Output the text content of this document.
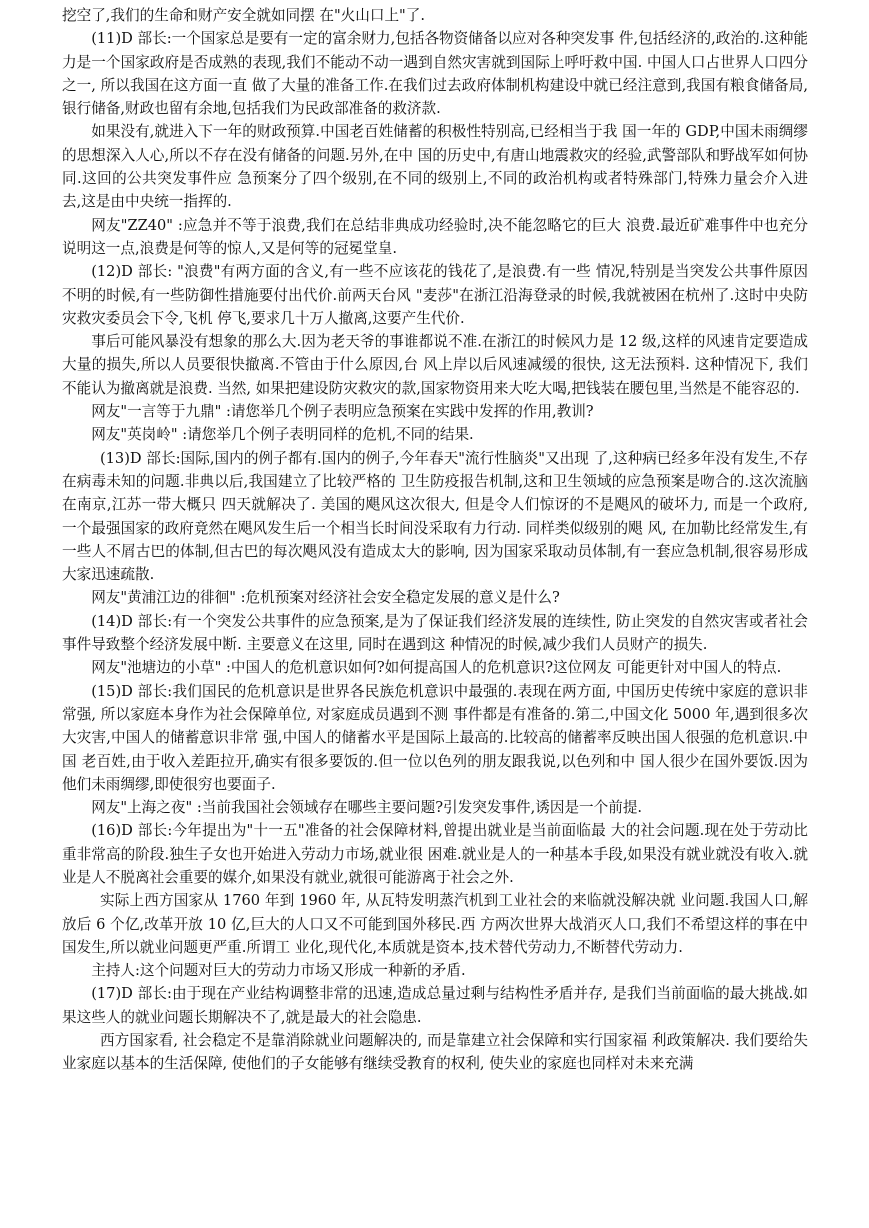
挖空了,我们的生命和财产安全就如同摆 在"火山口上"了.

(11)D 部长:一个国家总是要有一定的富余财力,包括各物资储备以应对各种突发事 件,包括经济的,政治的.这种能力是一个国家政府是否成熟的表现,我们不能动不动一遇到自然灾害就到国际上呼吁救中国. 中国人口占世界人口四分之一, 所以我国在这方面一直 做了大量的准备工作.在我们过去政府体制机构建设中就已经注意到,我国有粮食储备局, 银行储备,财政也留有余地,包括我们为民政部准备的救济款.

如果没有,就进入下一年的财政预算.中国老百姓储蓄的积极性特别高,已经相当于我 国一年的 GDP,中国未雨绸缪的思想深入人心,所以不存在没有储备的问题.另外,在中 国的历史中,有唐山地震救灾的经验,武警部队和野战军如何协同.这回的公共突发事件应 急预案分了四个级别,在不同的级别上,不同的政治机构或者特殊部门,特殊力量会介入进 去,这是由中央统一指挥的.

网友"ZZ40" :应急并不等于浪费,我们在总结非典成功经验时,决不能忽略它的巨大 浪费.最近矿难事件中也充分说明这一点,浪费是何等的惊人,又是何等的冠冕堂皇.

(12)D 部长: "浪费"有两方面的含义,有一些不应该花的钱花了,是浪费.有一些 情况,特别是当突发公共事件原因不明的时候,有一些防御性措施要付出代价.前两天台风 "麦莎"在浙江沿海登录的时候,我就被困在杭州了.这时中央防灾救灾委员会下令,飞机 停飞,要求几十万人撤离,这要产生代价.

事后可能风暴没有想象的那么大.因为老天爷的事谁都说不准.在浙江的时候风力是 12 级,这样的风速肯定要造成大量的损失,所以人员要很快撤离.不管由于什么原因,台 风上岸以后风速减缓的很快, 这无法预料. 这种情况下, 我们不能认为撤离就是浪费. 当然, 如果把建设防灾救灾的款,国家物资用来大吃大喝,把钱装在腰包里,当然是不能容忍的.

网友"一言等于九鼎" :请您举几个例子表明应急预案在实践中发挥的作用,教训?

网友"英岗岭" :请您举几个例子表明同样的危机,不同的结果.

(13)D 部长:国际,国内的例子都有.国内的例子,今年春天"流行性脑炎"又出现 了,这种病已经多年没有发生,不存在病毒未知的问题.非典以后,我国建立了比较严格的 卫生防疫报告机制,这和卫生领域的应急预案是吻合的.这次流脑在南京,江苏一带大概只 四天就解决了. 美国的飓风这次很大, 但是令人们惊讶的不是飓风的破坏力, 而是一个政府, 一个最强国家的政府竟然在飓风发生后一个相当长时间没采取有力行动. 同样类似级别的飓 风, 在加勒比经常发生,有一些人不屑古巴的体制,但古巴的每次飓风没有造成太大的影响, 因为国家采取动员体制,有一套应急机制,很容易形成大家迅速疏散.

网友"黄浦江边的徘徊" :危机预案对经济社会安全稳定发展的意义是什么?

(14)D 部长:有一个突发公共事件的应急预案,是为了保证我们经济发展的连续性, 防止突发的自然灾害或者社会事件导致整个经济发展中断. 主要意义在这里, 同时在遇到这 种情况的时候,减少我们人员财产的损失.

网友"池塘边的小草" :中国人的危机意识如何?如何提高国人的危机意识?这位网友 可能更针对中国人的特点.

(15)D 部长:我们国民的危机意识是世界各民族危机意识中最强的.表现在两方面, 中国历史传统中家庭的意识非常强, 所以家庭本身作为社会保障单位, 对家庭成员遇到不测 事件都是有准备的.第二,中国文化 5000 年,遇到很多次大灾害,中国人的储蓄意识非常 强,中国人的储蓄水平是国际上最高的.比较高的储蓄率反映出国人很强的危机意识.中国 老百姓,由于收入差距拉开,确实有很多要饭的.但一位以色列的朋友跟我说,以色列和中 国人很少在国外要饭.因为他们未雨绸缪,即使很穷也要面子.

网友"上海之夜" :当前我国社会领域存在哪些主要问题?引发突发事件,诱因是一个前提.

(16)D 部长:今年提出为"十一五"准备的社会保障材料,曾提出就业是当前面临最 大的社会问题.现在处于劳动比重非常高的阶段.独生子女也开始进入劳动力市场,就业很 困难.就业是人的一种基本手段,如果没有就业就没有收入.就业是人不脱离社会重要的媒介,如果没有就业,就很可能游离于社会之外.

实际上西方国家从 1760 年到 1960 年, 从瓦特发明蒸汽机到工业社会的来临就没解决就 业问题.我国人口,解放后 6 个亿,改革开放 10 亿,巨大的人口又不可能到国外移民.西 方两次世界大战消灭人口,我们不希望这样的事在中国发生,所以就业问题更严重.所谓工 业化,现代化,本质就是资本,技术替代劳动力,不断替代劳动力.

主持人:这个问题对巨大的劳动力市场又形成一种新的矛盾.

(17)D 部长:由于现在产业结构调整非常的迅速,造成总量过剩与结构性矛盾并存, 是我们当前面临的最大挑战.如果这些人的就业问题长期解决不了,就是最大的社会隐患.

西方国家看, 社会稳定不是靠消除就业问题解决的, 而是靠建立社会保障和实行国家福 利政策解决. 我们要给失业家庭以基本的生活保障, 使他们的子女能够有继续受教育的权利, 使失业的家庭也同样对未来充满
